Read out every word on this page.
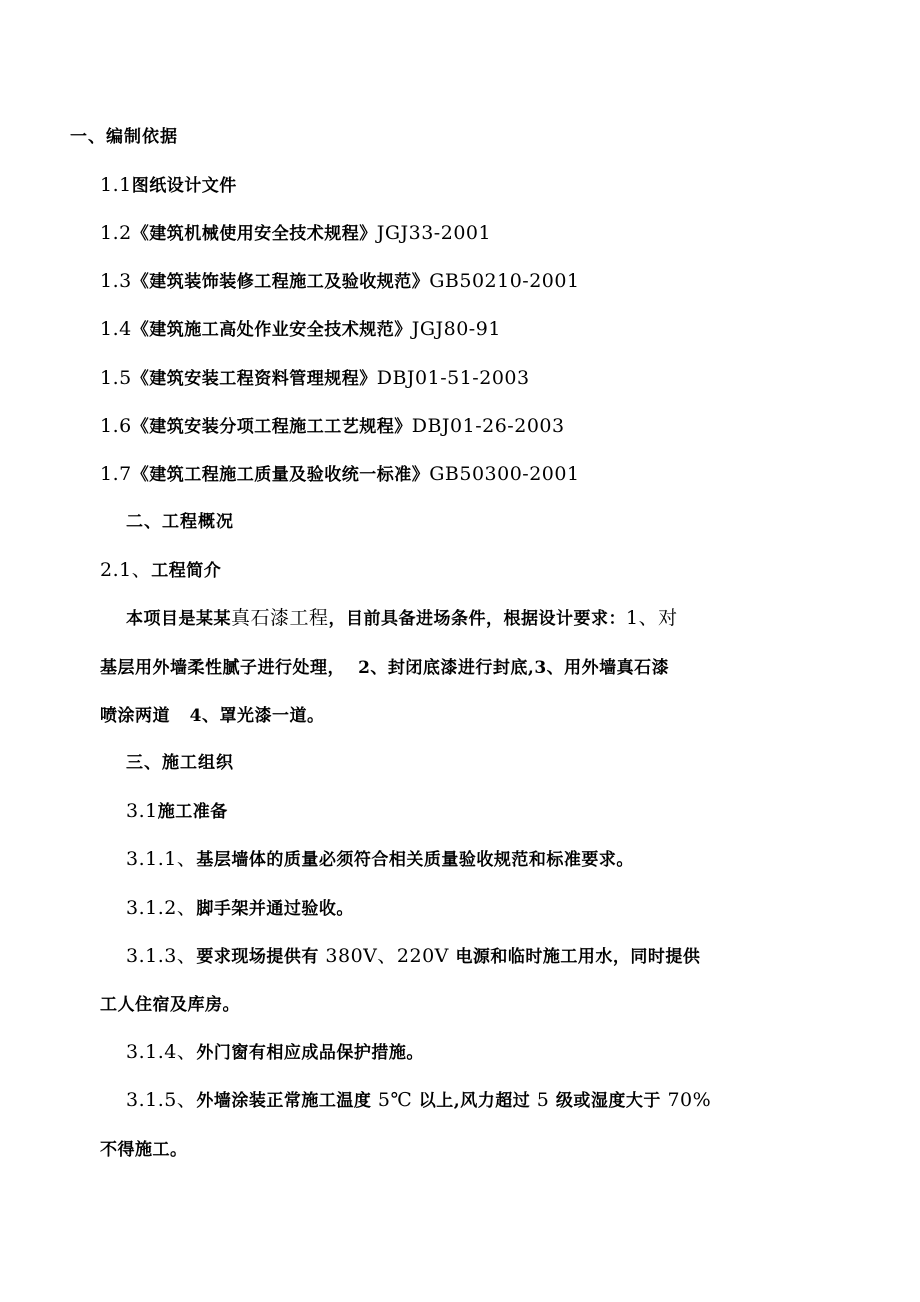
一、编制依据
1.1图纸设计文件
1.2《建筑机械使用安全技术规程》JGJ33-2001
1.3《建筑装饰装修工程施工及验收规范》GB50210-2001
1.4《建筑施工高处作业安全技术规范》JGJ80-91
1.5《建筑安装工程资料管理规程》DBJ01-51-2003
1.6《建筑安装分项工程施工工艺规程》DBJ01-26-2003
1.7《建筑工程施工质量及验收统一标准》GB50300-2001
二、工程概况
2.1、工程简介
本项目是某某真石漆工程，目前具备进场条件，根据设计要求：1、对
基层用外墙柔性腻子进行处理， 2、封闭底漆进行封底,3、用外墙真石漆
喷涂两道 4、罩光漆一道。
三、施工组织
3.1施工准备
3.1.1、基层墙体的质量必须符合相关质量验收规范和标准要求。
3.1.2、脚手架并通过验收。
3.1.3、要求现场提供有 380V、220V 电源和临时施工用水，同时提供
工人住宿及库房。
3.1.4、外门窗有相应成品保护措施。
3.1.5、外墙涂装正常施工温度 5℃ 以上,风力超过 5 级或湿度大于 70%
不得施工。
